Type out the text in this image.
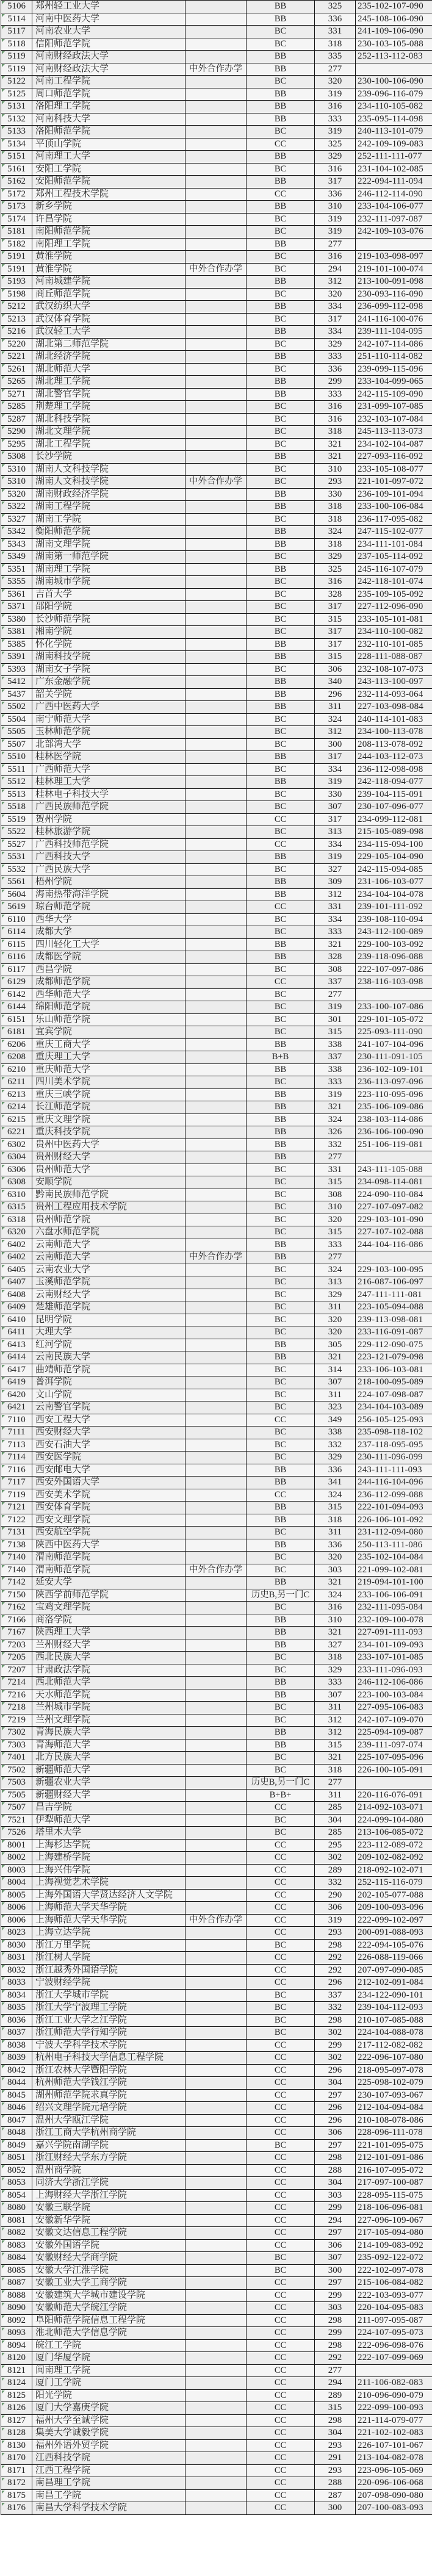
5106	郑州轻工业大学		BB	325	235-102-107-090
5114	河南中医药大学		BB	336	245-108-106-090
5117	河南农业大学		BC	331	241-109-106-090
5118	信阳师范学院		BC	318	230-103-105-088
5119	河南财经政法大学		BB	335	252-113-112-083
5119	河南财经政法大学	中外合作办学	BB	277	
5122	河南工程学院		BC	320	230-100-106-090
5125	周口师范学院		BB	319	239-096-116-079
5131	洛阳理工学院		BB	316	234-110-105-082
5132	河南科技大学		BB	333	235-095-114-098
5133	洛阳师范学院		BC	319	240-113-101-079
5134	平顶山学院		CC	325	242-109-109-083
5151	河南理工大学		BB	329	252-111-111-077
5161	安阳工学院		BC	316	231-104-102-085
5162	安阳师范学院		BB	317	222-094-111-094
5172	郑州工程技术学院		CC	336	246-112-114-090
5173	新乡学院		BB	310	233-104-106-077
5174	许昌学院		BC	319	232-111-097-087
5181	南阳师范学院		BC	319	242-109-103-076
5182	南阳理工学院		BB	277	
5191	黄淮学院		BC	316	219-103-098-097
5191	黄淮学院	中外合作办学	BC	294	219-101-100-074
5193	河南城建学院		BB	312	213-100-091-098
5198	商丘师范学院		BC	320	230-093-116-090
5212	武汉纺织大学		BB	334	236-099-112-098
5213	武汉体育学院		BC	317	241-116-100-076
5216	武汉轻工大学		BB	334	239-111-104-095
5220	湖北第二师范学院		BC	329	242-107-114-086
5221	湖北经济学院		BB	333	251-110-114-082
5261	湖北师范大学		BC	336	239-099-115-096
5265	湖北理工学院		BB	299	233-104-099-065
5271	湖北警官学院		BB	333	242-115-109-090
5285	荆楚理工学院		BC	316	231-099-107-085
5287	湖北科技学院		BC	316	232-103-107-084
5290	湖北文理学院		BC	318	245-113-113-073
5295	湖北工程学院		BC	321	234-102-104-087
5308	长沙学院		BB	321	227-093-116-092
5310	湖南人文科技学院		BC	310	233-105-108-077
5310	湖南人文科技学院	中外合作办学	BC	293	221-101-097-072
5320	湖南财政经济学院		BB	330	236-109-101-094
5322	湖南工程学院		BB	318	233-100-106-084
5327	湖南工学院		BC	318	236-117-095-082
5342	衡阳师范学院		BB	324	247-115-102-077
5343	湖南文理学院		BB	318	234-111-101-084
5349	湖南第一师范学院		BC	329	237-105-114-092
5351	湖南理工学院		BB	325	245-116-107-079
5355	湖南城市学院		BC	316	242-118-101-074
5361	吉首大学		BC	328	235-109-105-092
5371	邵阳学院		BC	317	227-112-096-090
5380	长沙师范学院		BC	315	233-105-101-081
5381	湘南学院		BC	317	234-110-100-082
5385	怀化学院		BB	317	232-110-101-085
5391	湖南科技学院		BB	315	228-111-088-087
5393	湖南女子学院		BC	306	232-108-107-073
5412	广东金融学院		BB	340	243-113-100-097
5437	韶关学院		BB	296	232-114-093-064
5502	广西中医药大学		BB	311	227-103-098-084
5504	南宁师范大学		BC	324	240-114-101-083
5505	玉林师范学院		BC	312	234-100-113-078
5507	北部湾大学		BC	300	208-113-078-092
5510	桂林医学院		BB	317	244-103-112-073
5511	广西师范大学		BC	334	236-112-098-098
5512	桂林理工大学		BB	319	242-118-094-077
5513	桂林电子科技大学		BC	330	239-104-115-091
5518	广西民族师范学院		BC	307	230-107-096-077
5519	贺州学院		CC	317	234-099-112-081
5522	桂林旅游学院		BC	313	215-105-089-098
5527	广西科技师范学院		CC	334	234-115-094-100
5531	广西科技大学		BB	319	229-105-104-090
5532	广西民族大学		BC	327	242-115-094-085
5561	梧州学院		BB	309	231-106-103-077
5604	海南热带海洋学院		BB	312	234-104-104-078
5619	琼台师范学院		CC	331	239-101-111-092
6110	西华大学		BC	334	239-108-110-094
6114	成都大学		BC	333	243-112-100-089
6115	四川轻化工大学		BB	321	229-100-103-092
6116	成都医学院		BB	328	239-118-096-088
6117	西昌学院		BC	308	222-107-097-086
6129	成都师范学院		CC	337	238-116-103-098
6142	西华师范大学		BC	277	
6144	绵阳师范学院		BC	319	233-100-107-086
6151	乐山师范学院		BC	301	229-101-105-072
6181	宜宾学院		BC	315	225-093-111-090
6206	重庆工商大学		BB	338	241-107-104-096
6208	重庆理工大学		B+B	337	230-111-091-105
6210	重庆师范大学		BB	338	236-102-109-101
6211	四川美术学院		BC	333	236-113-097-096
6213	重庆三峡学院		BB	319	223-110-095-096
6214	长江师范学院		BB	321	235-106-109-086
6215	重庆文理学院		BB	324	238-103-114-086
6221	重庆科技学院		BB	326	236-106-100-090
6302	贵州中医药大学		BB	332	251-106-119-081
6304	贵州财经大学		BB	277	
6306	贵州师范大学		BC	331	243-111-105-088
6308	安顺学院		BC	315	234-098-114-081
6310	黔南民族师范学院		BC	308	224-090-110-084
6315	贵州工程应用技术学院		BC	310	227-107-097-082
6318	贵州师范学院		BC	320	229-103-101-090
6320	六盘水师范学院		BC	315	227-107-102-088
6402	云南师范大学		BB	333	244-104-116-086
6402	云南师范大学	中外合作办学	BB	277	
6405	云南农业大学		BC	324	229-103-100-095
6407	玉溪师范学院		BC	313	216-087-106-097
6408	云南财经大学		BC	329	247-111-111-081
6409	楚雄师范学院		BC	311	223-105-094-088
6410	昆明学院		BC	320	239-113-098-081
6411	大理大学		BC	320	233-116-091-087
6413	红河学院		BB	305	229-112-090-075
6414	云南民族大学		BB	321	223-121-079-098
6417	曲靖师范学院		BC	314	233-106-103-081
6419	普洱学院		BC	307	218-100-095-089
6420	文山学院		BC	311	224-107-098-087
6421	云南警官学院		BC	323	234-104-103-089
7110	西安工程大学		CC	349	256-105-125-093
7111	西安财经大学		BC	338	235-098-118-102
7113	西安石油大学		BC	332	237-118-095-095
7114	西安医学院		BC	329	230-111-096-099
7116	西安邮电大学		BB	336	243-111-111-093
7117	西安外国语大学		BB	341	244-116-104-096
7119	西安美术学院		CC	324	236-112-099-088
7121	西安体育学院		BB	315	222-101-094-093
7122	西安文理学院		BB	318	226-106-101-092
7131	西安航空学院		BC	311	231-112-094-080
7138	陕西中医药大学		BB	336	250-113-111-086
7140	渭南师范学院		BC	320	235-102-104-084
7140	渭南师范学院	中外合作办学	BC	303	221-099-102-081
7142	延安大学		BB	321	219-094-101-100
7150	陕西学前师范学院		历史B,另一门C	324	233-106-106-091
7162	宝鸡文理学院		BC	316	232-111-095-084
7166	商洛学院		BB	310	232-109-100-078
7167	陕西理工大学		BB	321	227-091-111-093
7203	兰州财经大学		BB	327	234-101-109-093
7205	西北民族大学		BC	318	233-107-101-085
7207	甘肃政法学院		BC	329	233-111-096-093
7214	西北师范大学		BB	333	246-112-106-086
7216	天水师范学院		BB	307	223-100-103-084
7218	兰州城市学院		BC	311	227-095-106-083
7219	兰州文理学院		BC	312	242-107-109-070
7302	青海民族大学		BB	312	225-094-109-087
7303	青海师范大学		BB	315	239-111-097-074
7401	北方民族大学		BC	321	225-107-095-096
7502	新疆师范大学		BC	318	226-100-105-091
7503	新疆农业大学		历史B,另一门C	277	
7505	新疆财经大学		B+B+	311	220-116-076-091
7507	昌吉学院		CC	285	214-092-103-071
7521	伊犁师范大学		BC	304	224-099-104-080
7526	塔里木大学		BC	285	213-106-085-072
8001	上海杉达学院		CC	295	223-112-089-072
8002	上海建桥学院		CC	302	209-102-082-092
8003	上海兴伟学院		CC	289	218-092-102-071
8004	上海视觉艺术学院		CC	332	252-115-116-079
8005	上海外国语大学贤达经济人文学院		CC	290	202-105-077-088
8006	上海师范大学天华学院		CC	306	209-100-093-096
8006	上海师范大学天华学院	中外合作办学	CC	319	222-099-102-097
8023	上海立达学院		CC	293	200-091-088-093
8030	浙江万里学院		BC	298	222-094-105-076
8031	浙江树人学院		CC	292	226-088-119-066
8032	浙江越秀外国语学院		CC	292	207-097-090-085
8033	宁波财经学院		CC	296	212-102-091-084
8034	浙江大学城市学院		BC	337	234-122-090-101
8035	浙江大学宁波理工学院		BC	332	239-104-112-093
8036	浙江工业大学之江学院		BC	298	210-107-085-088
8037	浙江师范大学行知学院		BC	302	224-104-088-078
8038	宁波大学科学技术学院		CC	299	217-112-082-082
8039	杭州电子科技大学信息工程学院		CC	302	222-096-107-080
8042	浙江农林大学暨阳学院		CC	296	218-095-097-078
8044	杭州师范大学钱江学院		CC	304	225-098-102-079
8045	湖州师范学院求真学院		CC	297	230-107-093-067
8046	绍兴文理学院元培学院		CC	296	212-104-094-084
8047	温州大学瓯江学院		CC	296	210-108-078-086
8048	浙江工商大学杭州商学院		CC	306	228-096-111-078
8049	嘉兴学院南湖学院		BC	297	221-101-095-075
8051	浙江财经大学东方学院		CC	298	212-101-091-086
8052	温州商学院		CC	288	216-107-095-072
8053	同济大学浙江学院		CC	304	217-097-100-087
8054	上海财经大学浙江学院		CC	303	228-095-115-075
8080	安徽三联学院		CC	299	218-106-096-081
8081	安徽新华学院		CC	294	227-096-109-067
8082	安徽文达信息工程学院		CC	297	217-105-094-080
8083	安徽外国语学院		CC	306	214-109-083-092
8084	安徽财经大学商学院		BC	307	235-092-122-072
8085	安徽大学江淮学院		BC	300	222-102-097-078
8087	安徽工业大学工商学院		CC	297	215-106-084-082
8088	安徽建筑大学城市建设学院		CC	299	222-103-093-077
8090	安徽师范大学皖江学院		CC	303	220-104-095-083
8092	阜阳师范学院信息工程学院		CC	298	211-097-095-087
8093	淮北师范大学信息学院		CC	299	224-107-095-073
8094	皖江工学院		CC	298	222-096-098-076
8120	厦门华厦学院		CC	292	222-107-099-069
8121	闽南理工学院		CC	277	
8124	厦门工学院		CC	294	211-106-082-083
8125	阳光学院		CC	289	210-096-090-079
8126	厦门大学嘉庚学院		CC	315	222-099-100-093
8127	福州大学至诚学院		CC	298	221-114-079-077
8128	集美大学诚毅学院		CC	304	221-102-102-083
8130	福州外语外贸学院		CC	293	226-107-101-067
8170	江西科技学院		CC	291	213-104-082-078
8171	江西工程学院		CC	293	223-096-105-069
8172	南昌理工学院		CC	288	220-096-106-068
8175	南昌工学院		CC	287	207-098-090-080
8176	南昌大学科学技术学院		CC	300	207-100-083-093
